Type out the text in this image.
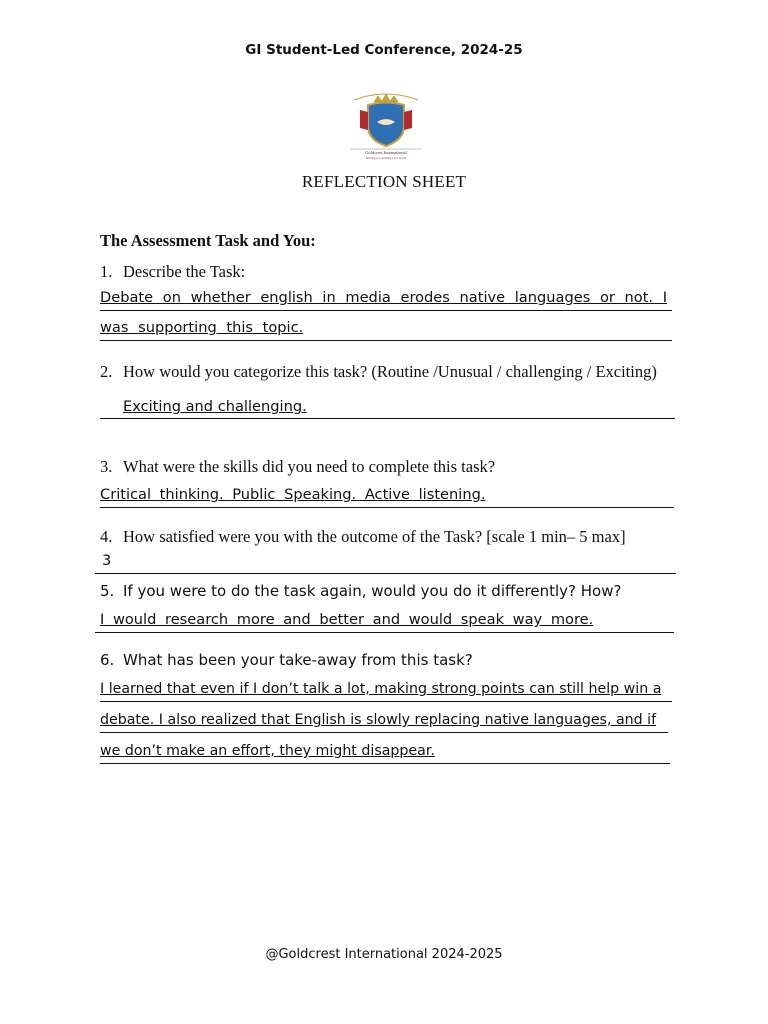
GI Student-Led Conference, 2024-25
Goldcrest International
Striving for excellence in a world
REFLECTION SHEET
The Assessment Task and You:
1. Describe the Task:
Debate on whether english in media erodes native languages or not. I
was supporting this topic.
2. How would you categorize this task? (Routine /Unusual / challenging / Exciting)
Exciting and challenging.
3. What were the skills did you need to complete this task?
Critical thinking. Public Speaking. Active listening.
4. How satisfied were you with the outcome of the Task? [scale 1 min– 5 max]
3
5. If you were to do the task again, would you do it differently? How?
I would research more and better and would speak way more.
6. What has been your take-away from this task?
I learned that even if I don’t talk a lot, making strong points can still help win a
debate. I also realized that English is slowly replacing native languages, and if
we don’t make an effort, they might disappear.
@Goldcrest International 2024-2025
